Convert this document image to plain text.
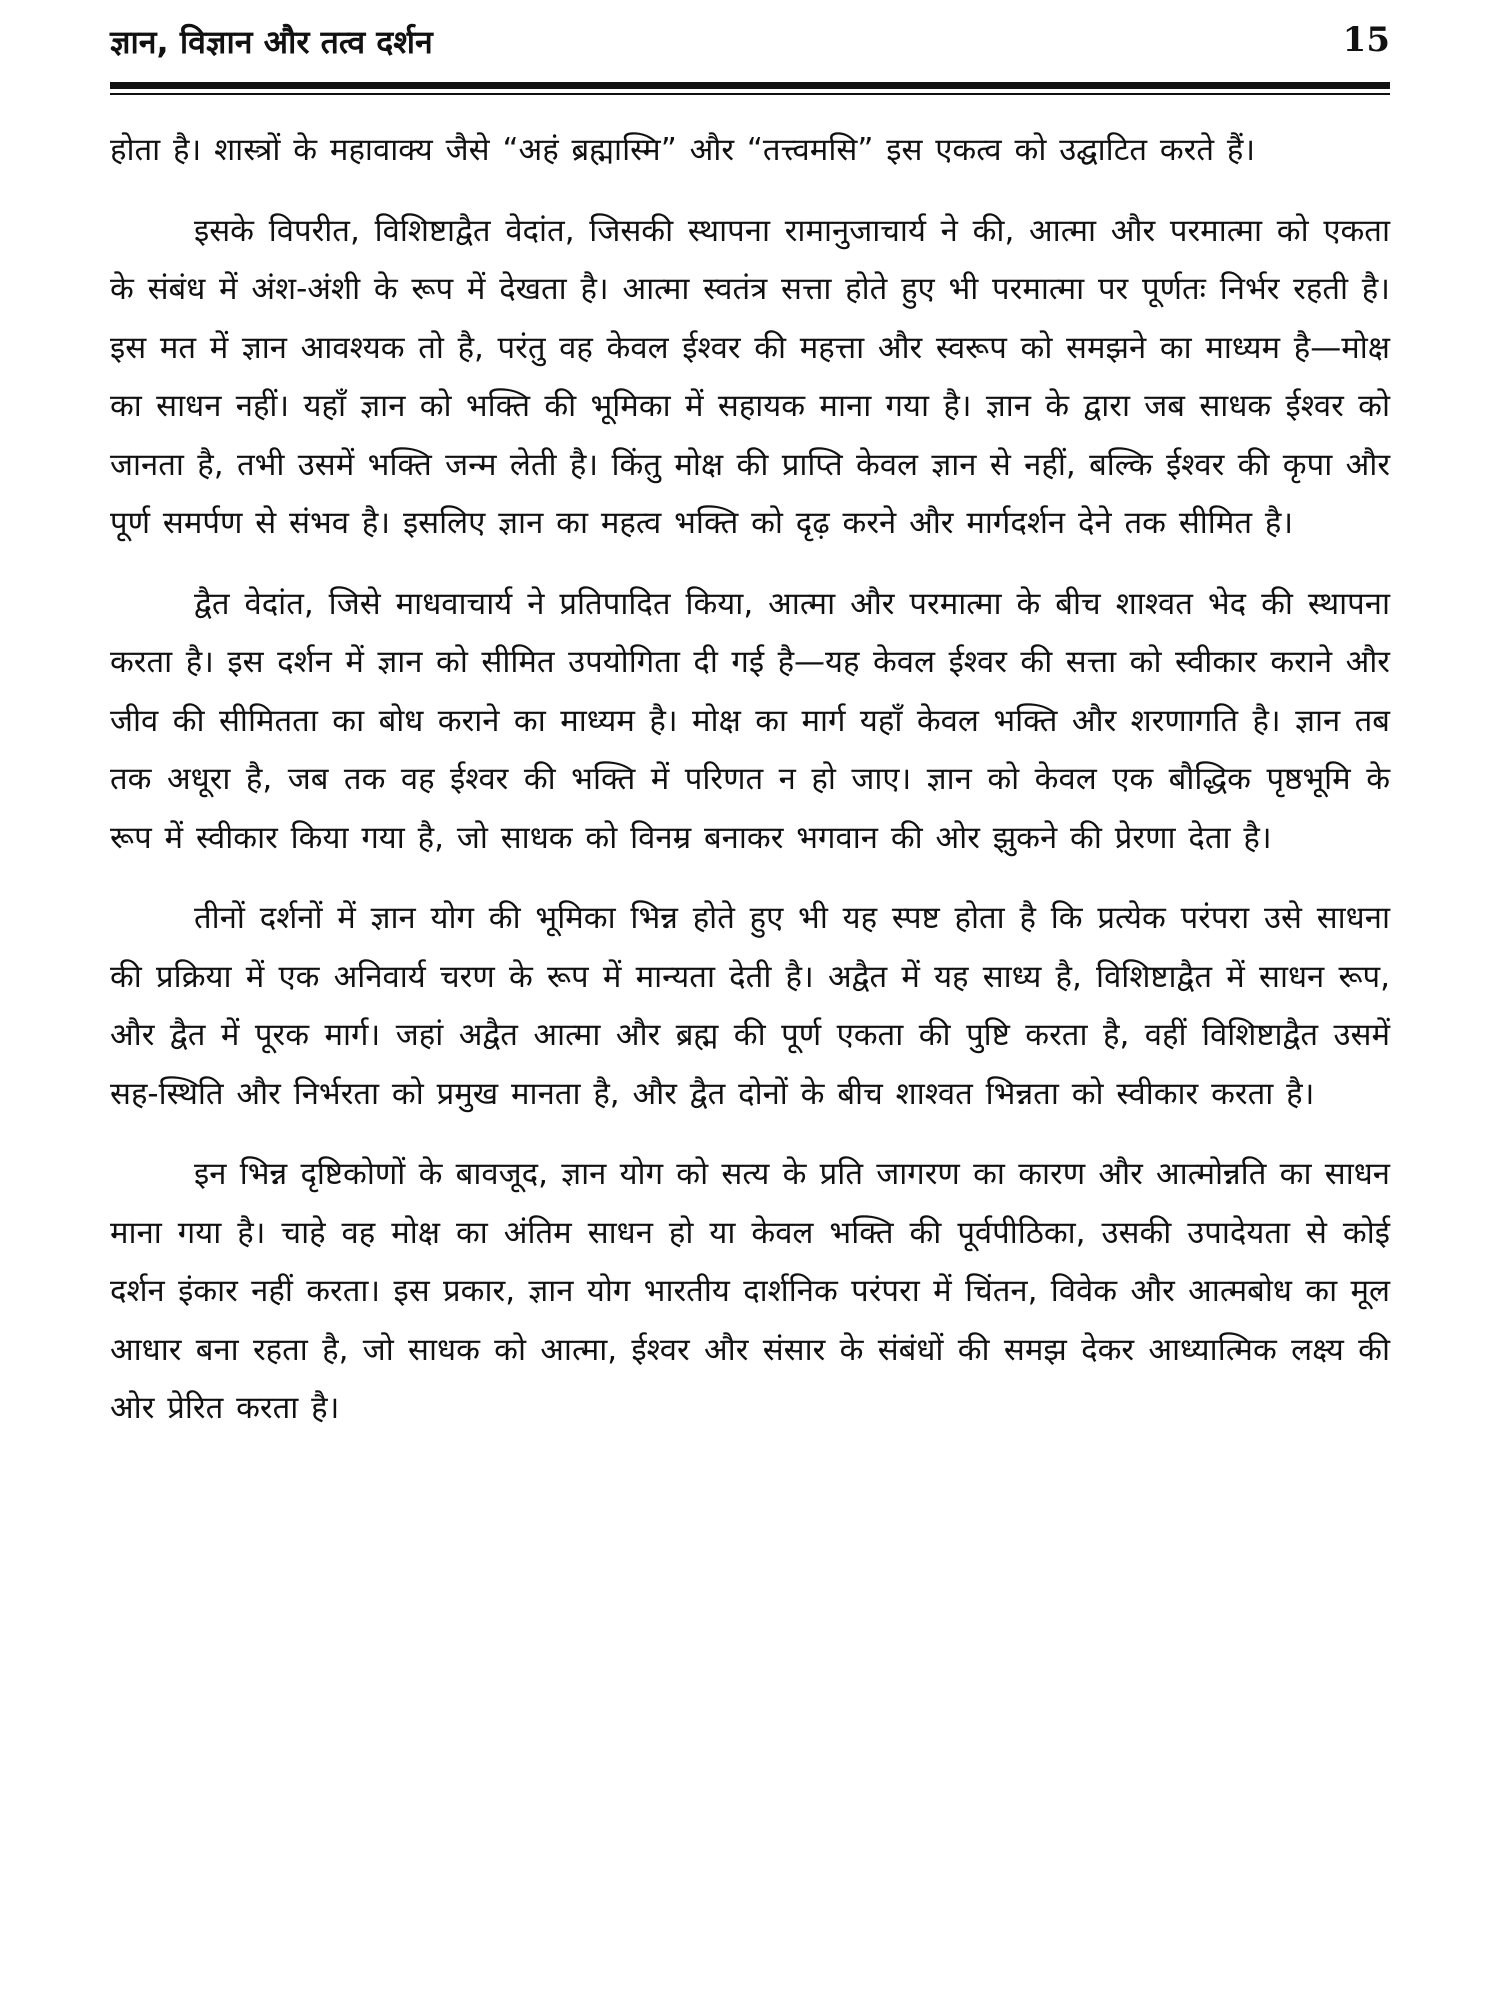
ज्ञान, विज्ञान और तत्व दर्शन	15

होता है। शास्त्रों के महावाक्य जैसे “अहं ब्रह्मास्मि” और “तत्त्वमसि” इस एकत्व को उद्घाटित करते हैं।

इसके विपरीत, विशिष्टाद्वैत वेदांत, जिसकी स्थापना रामानुजाचार्य ने की, आत्मा और परमात्मा को एकता के संबंध में अंश-अंशी के रूप में देखता है। आत्मा स्वतंत्र सत्ता होते हुए भी परमात्मा पर पूर्णतः निर्भर रहती है। इस मत में ज्ञान आवश्यक तो है, परंतु वह केवल ईश्वर की महत्ता और स्वरूप को समझने का माध्यम है—मोक्ष का साधन नहीं। यहाँ ज्ञान को भक्ति की भूमिका में सहायक माना गया है। ज्ञान के द्वारा जब साधक ईश्वर को जानता है, तभी उसमें भक्ति जन्म लेती है। किंतु मोक्ष की प्राप्ति केवल ज्ञान से नहीं, बल्कि ईश्वर की कृपा और पूर्ण समर्पण से संभव है। इसलिए ज्ञान का महत्व भक्ति को दृढ़ करने और मार्गदर्शन देने तक सीमित है।

द्वैत वेदांत, जिसे माधवाचार्य ने प्रतिपादित किया, आत्मा और परमात्मा के बीच शाश्वत भेद की स्थापना करता है। इस दर्शन में ज्ञान को सीमित उपयोगिता दी गई है—यह केवल ईश्वर की सत्ता को स्वीकार कराने और जीव की सीमितता का बोध कराने का माध्यम है। मोक्ष का मार्ग यहाँ केवल भक्ति और शरणागति है। ज्ञान तब तक अधूरा है, जब तक वह ईश्वर की भक्ति में परिणत न हो जाए। ज्ञान को केवल एक बौद्धिक पृष्ठभूमि के रूप में स्वीकार किया गया है, जो साधक को विनम्र बनाकर भगवान की ओर झुकने की प्रेरणा देता है।

तीनों दर्शनों में ज्ञान योग की भूमिका भिन्न होते हुए भी यह स्पष्ट होता है कि प्रत्येक परंपरा उसे साधना की प्रक्रिया में एक अनिवार्य चरण के रूप में मान्यता देती है। अद्वैत में यह साध्य है, विशिष्टाद्वैत में साधन रूप, और द्वैत में पूरक मार्ग। जहां अद्वैत आत्मा और ब्रह्म की पूर्ण एकता की पुष्टि करता है, वहीं विशिष्टाद्वैत उसमें सह-स्थिति और निर्भरता को प्रमुख मानता है, और द्वैत दोनों के बीच शाश्वत भिन्नता को स्वीकार करता है।

इन भिन्न दृष्टिकोणों के बावजूद, ज्ञान योग को सत्य के प्रति जागरण का कारण और आत्मोन्नति का साधन माना गया है। चाहे वह मोक्ष का अंतिम साधन हो या केवल भक्ति की पूर्वपीठिका, उसकी उपादेयता से कोई दर्शन इंकार नहीं करता। इस प्रकार, ज्ञान योग भारतीय दार्शनिक परंपरा में चिंतन, विवेक और आत्मबोध का मूल आधार बना रहता है, जो साधक को आत्मा, ईश्वर और संसार के संबंधों की समझ देकर आध्यात्मिक लक्ष्य की ओर प्रेरित करता है।
